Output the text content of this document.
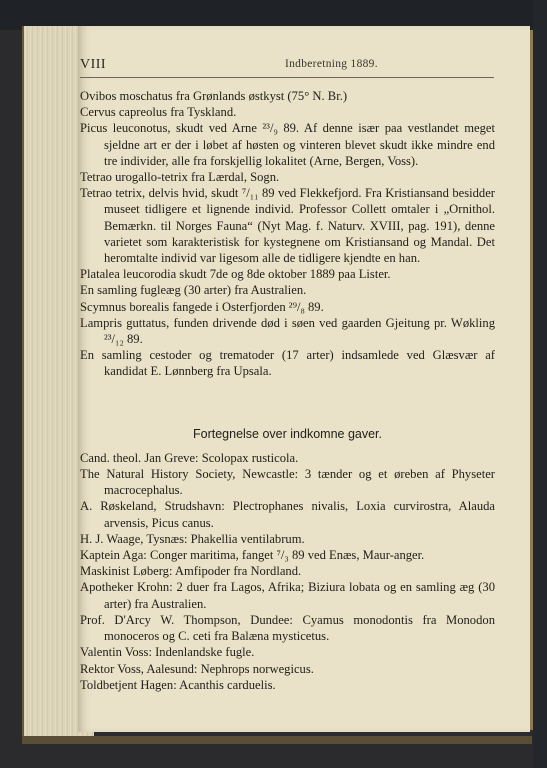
VIII	Indberetning 1889.

Ovibos moschatus fra Grønlands østkyst (75° N. Br.)

Cervus capreolus fra Tyskland.

Picus leuconotus, skudt ved Arne ²³/₉ 89. Af denne især paa vestlandet meget sjeldne art er der i løbet af høsten og vinteren blevet skudt ikke mindre end tre individer, alle fra forskjellig lokalitet (Arne, Bergen, Voss).

Tetrao urogallo-tetrix fra Lærdal, Sogn.

Tetrao tetrix, delvis hvid, skudt ⁷/₁₁ 89 ved Flekkefjord. Fra Kristiansand besidder museet tidligere et lignende individ. Professor Collett omtaler i „Ornithol. Bemærkn. til Norges Fauna“ (Nyt Mag. f. Naturv. XVIII, pag. 191), denne varietet som karakteristisk for kystegnene om Kristiansand og Mandal. Det heromtalte individ var ligesom alle de tidligere kjendte en han.

Platalea leucorodia skudt 7de og 8de oktober 1889 paa Lister.

En samling fugleæg (30 arter) fra Australien.

Scymnus borealis fangede i Osterfjorden ²⁹/₈ 89.

Lampris guttatus, funden drivende død i søen ved gaarden Gjeitung pr. Wøkling ²³/₁₂ 89.

En samling cestoder og trematoder (17 arter) indsamlede ved Glæsvær af kandidat E. Lønnberg fra Upsala.

Fortegnelse over indkomne gaver.

Cand. theol. Jan Greve: Scolopax rusticola.

The Natural History Society, Newcastle: 3 tænder og et øreben af Physeter macrocephalus.

A. Røskeland, Strudshavn: Plectrophanes nivalis, Loxia curvirostra, Alauda arvensis, Picus canus.

H. J. Waage, Tysnæs: Phakellia ventilabrum.

Kaptein Aga: Conger maritima, fanget ⁷/₃ 89 ved Enæs, Maur-anger.

Maskinist Løberg: Amfipoder fra Nordland.

Apotheker Krohn: 2 duer fra Lagos, Afrika; Biziura lobata og en samling æg (30 arter) fra Australien.

Prof. D'Arcy W. Thompson, Dundee: Cyamus monodontis fra Monodon monoceros og C. ceti fra Balæna mysticetus.

Valentin Voss: Indenlandske fugle.

Rektor Voss, Aalesund: Nephrops norwegicus.

Toldbetjent Hagen: Acanthis carduelis.
